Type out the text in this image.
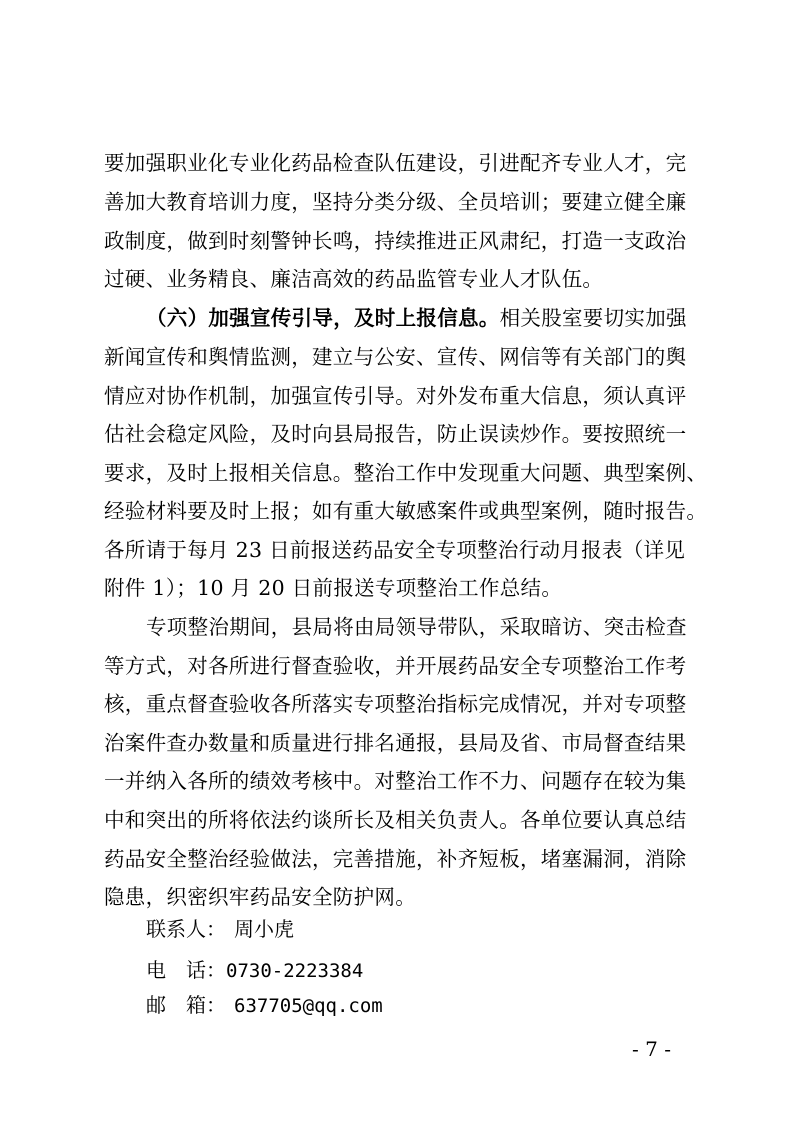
要加强职业化专业化药品检查队伍建设，引进配齐专业人才，完
善加大教育培训力度，坚持分类分级、全员培训；要建立健全廉
政制度，做到时刻警钟长鸣，持续推进正风肃纪，打造一支政治
过硬、业务精良、廉洁高效的药品监管专业人才队伍。
（六）加强宣传引导，及时上报信息。相关股室要切实加强
新闻宣传和舆情监测，建立与公安、宣传、网信等有关部门的舆
情应对协作机制，加强宣传引导。对外发布重大信息，须认真评
估社会稳定风险，及时向县局报告，防止误读炒作。要按照统一
要求，及时上报相关信息。整治工作中发现重大问题、典型案例、
经验材料要及时上报；如有重大敏感案件或典型案例，随时报告。
各所请于每月 23 日前报送药品安全专项整治行动月报表（详见
附件 1）；10 月 20 日前报送专项整治工作总结。
专项整治期间，县局将由局领导带队，采取暗访、突击检查
等方式，对各所进行督查验收，并开展药品安全专项整治工作考
核，重点督查验收各所落实专项整治指标完成情况，并对专项整
治案件查办数量和质量进行排名通报，县局及省、市局督查结果
一并纳入各所的绩效考核中。对整治工作不力、问题存在较为集
中和突出的所将依法约谈所长及相关负责人。各单位要认真总结
药品安全整治经验做法，完善措施，补齐短板，堵塞漏洞，消除
隐患，织密织牢药品安全防护网。
联系人： 周小虎
电　话：0730-2223384
邮　箱： 637705@qq.com
- 7 -
